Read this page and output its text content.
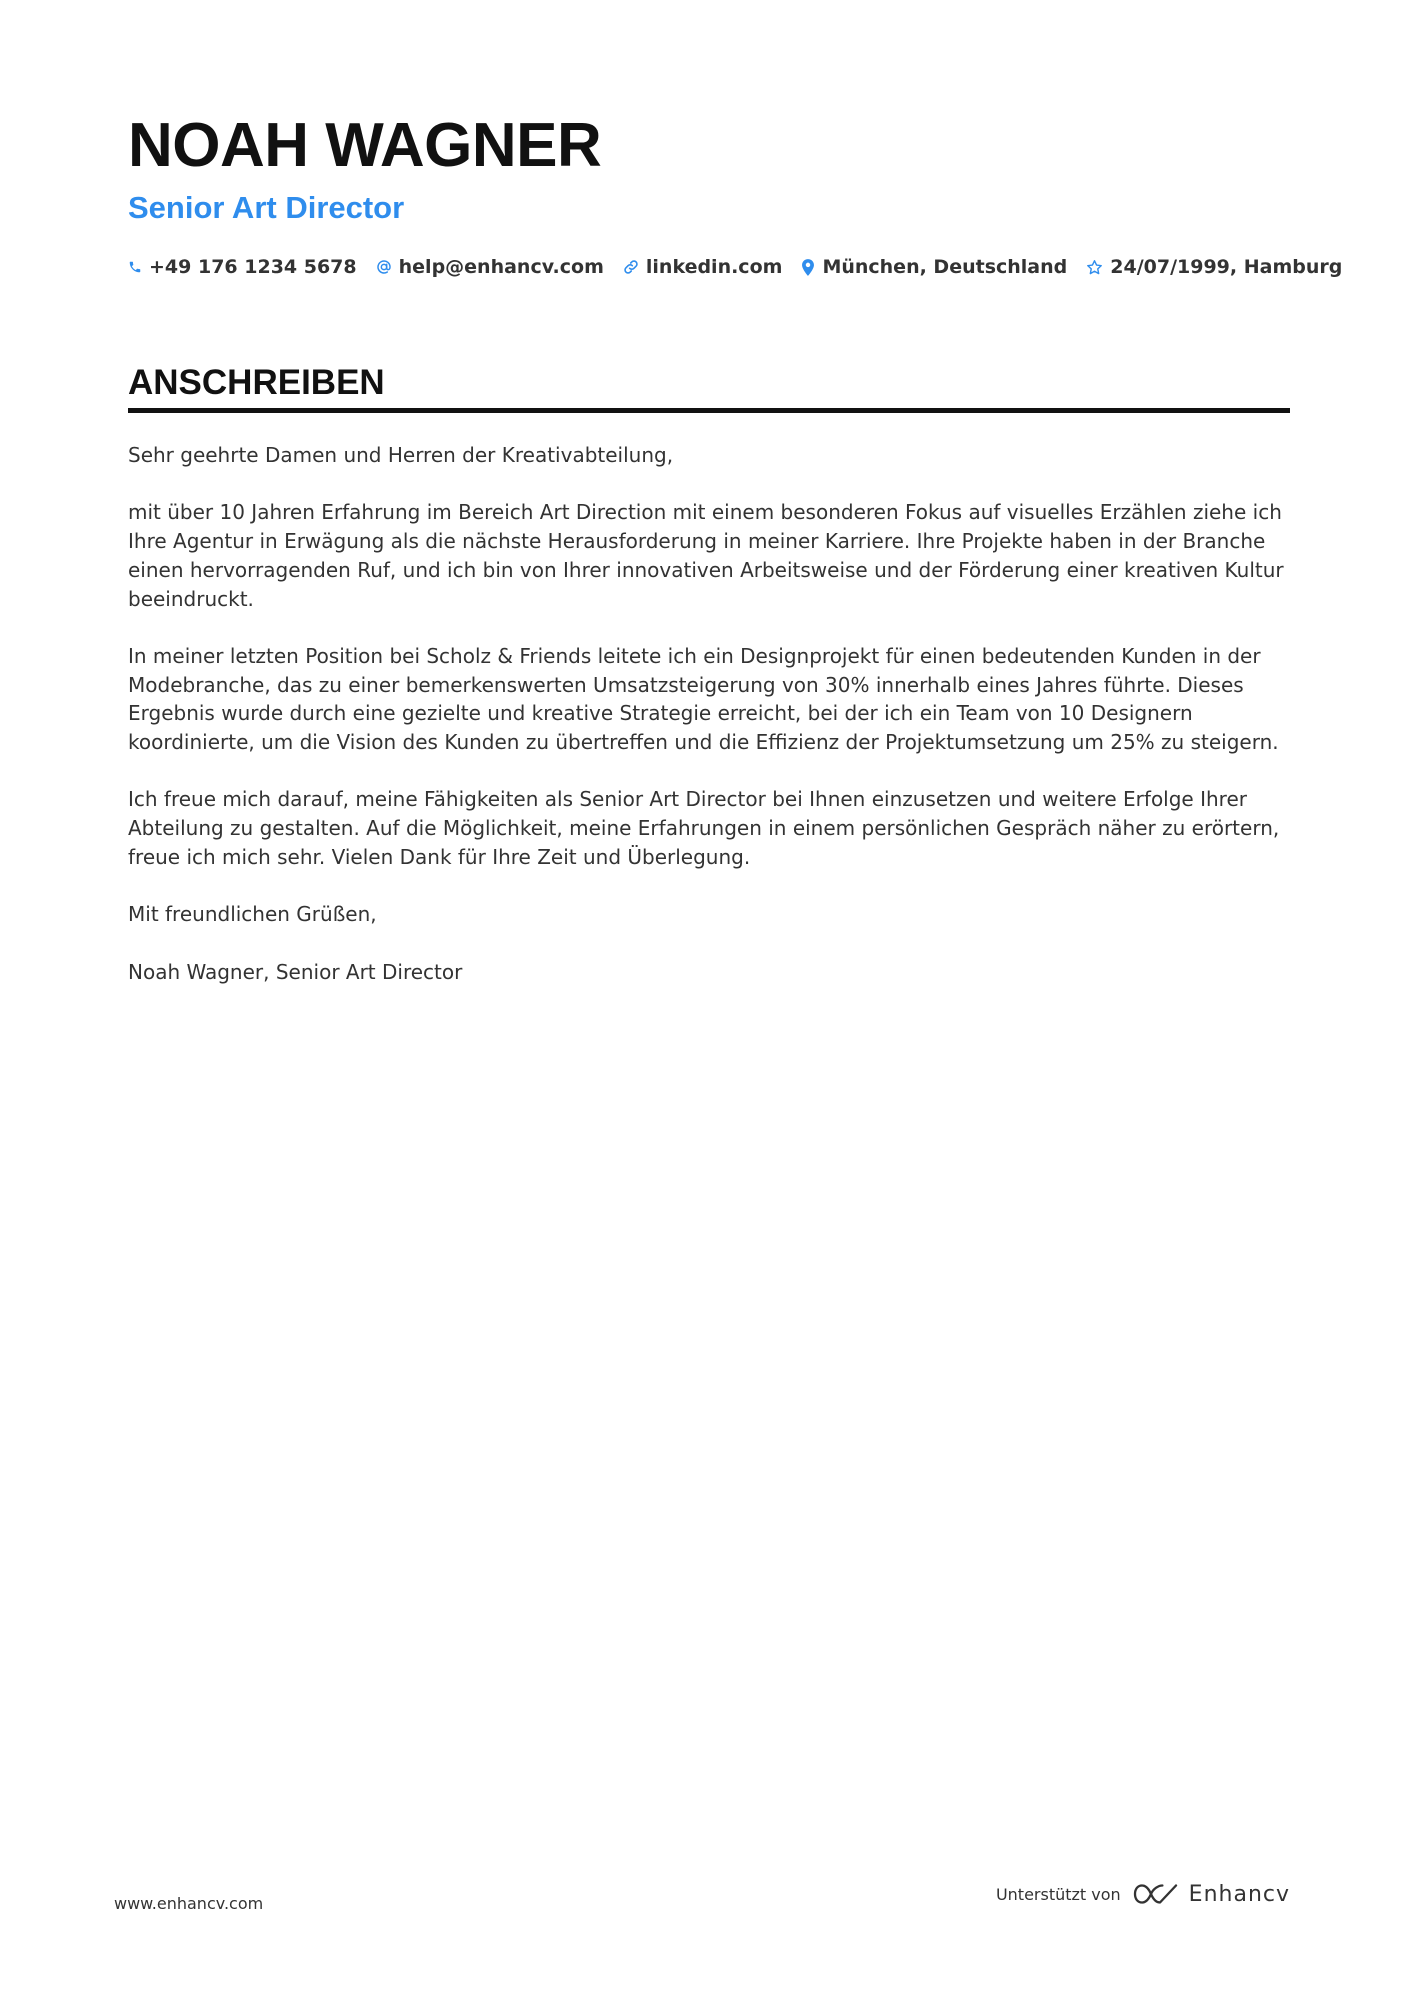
NOAH WAGNER
Senior Art Director
+49 176 1234 5678 help@enhancv.com linkedin.com München, Deutschland 24/07/1999, Hamburg
ANSCHREIBEN

Sehr geehrte Damen und Herren der Kreativabteilung,

mit über 10 Jahren Erfahrung im Bereich Art Direction mit einem besonderen Fokus auf visuelles Erzählen ziehe ich Ihre Agentur in Erwägung als die nächste Herausforderung in meiner Karriere. Ihre Projekte haben in der Branche einen hervorragenden Ruf, und ich bin von Ihrer innovativen Arbeitsweise und der Förderung einer kreativen Kultur beeindruckt.

In meiner letzten Position bei Scholz & Friends leitete ich ein Designprojekt für einen bedeutenden Kunden in der Modebranche, das zu einer bemerkenswerten Umsatzsteigerung von 30% innerhalb eines Jahres führte. Dieses Ergebnis wurde durch eine gezielte und kreative Strategie erreicht, bei der ich ein Team von 10 Designern koordinierte, um die Vision des Kunden zu übertreffen und die Effizienz der Projektumsetzung um 25% zu steigern.

Ich freue mich darauf, meine Fähigkeiten als Senior Art Director bei Ihnen einzusetzen und weitere Erfolge Ihrer Abteilung zu gestalten. Auf die Möglichkeit, meine Erfahrungen in einem persönlichen Gespräch näher zu erörtern, freue ich mich sehr. Vielen Dank für Ihre Zeit und Überlegung.

Mit freundlichen Grüßen,

Noah Wagner, Senior Art Director

www.enhancv.com	Unterstützt von	Enhancv
